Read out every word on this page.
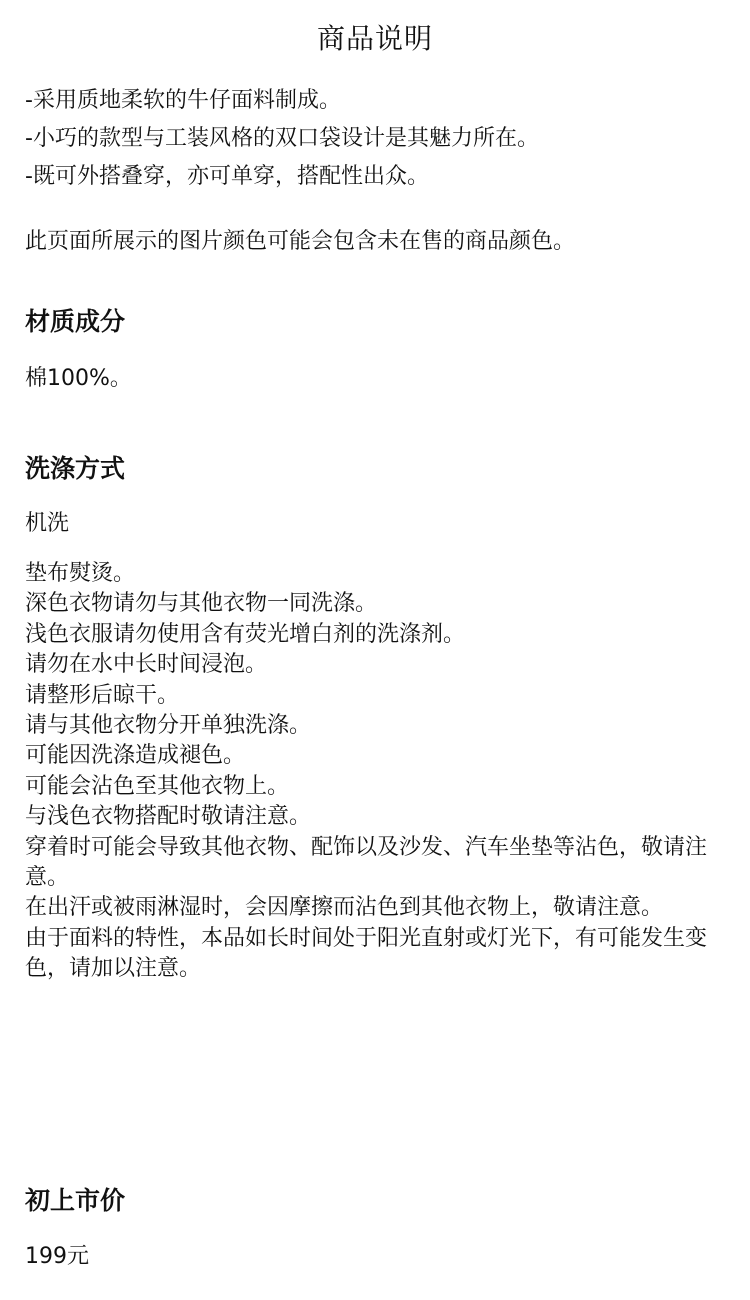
商品说明
-采用质地柔软的牛仔面料制成。
-小巧的款型与工装风格的双口袋设计是其魅力所在。
-既可外搭叠穿，亦可单穿，搭配性出众。
此页面所展示的图片颜色可能会包含未在售的商品颜色。
材质成分
棉100%。
洗涤方式
机洗
垫布熨烫。
深色衣物请勿与其他衣物一同洗涤。
浅色衣服请勿使用含有荧光增白剂的洗涤剂。
请勿在水中长时间浸泡。
请整形后晾干。
请与其他衣物分开单独洗涤。
可能因洗涤造成褪色。
可能会沾色至其他衣物上。
与浅色衣物搭配时敬请注意。
穿着时可能会导致其他衣物、配饰以及沙发、汽车坐垫等沾色，敬请注意。
在出汗或被雨淋湿时，会因摩擦而沾色到其他衣物上，敬请注意。
由于面料的特性，本品如长时间处于阳光直射或灯光下，有可能发生变色，请加以注意。
初上市价
199元
